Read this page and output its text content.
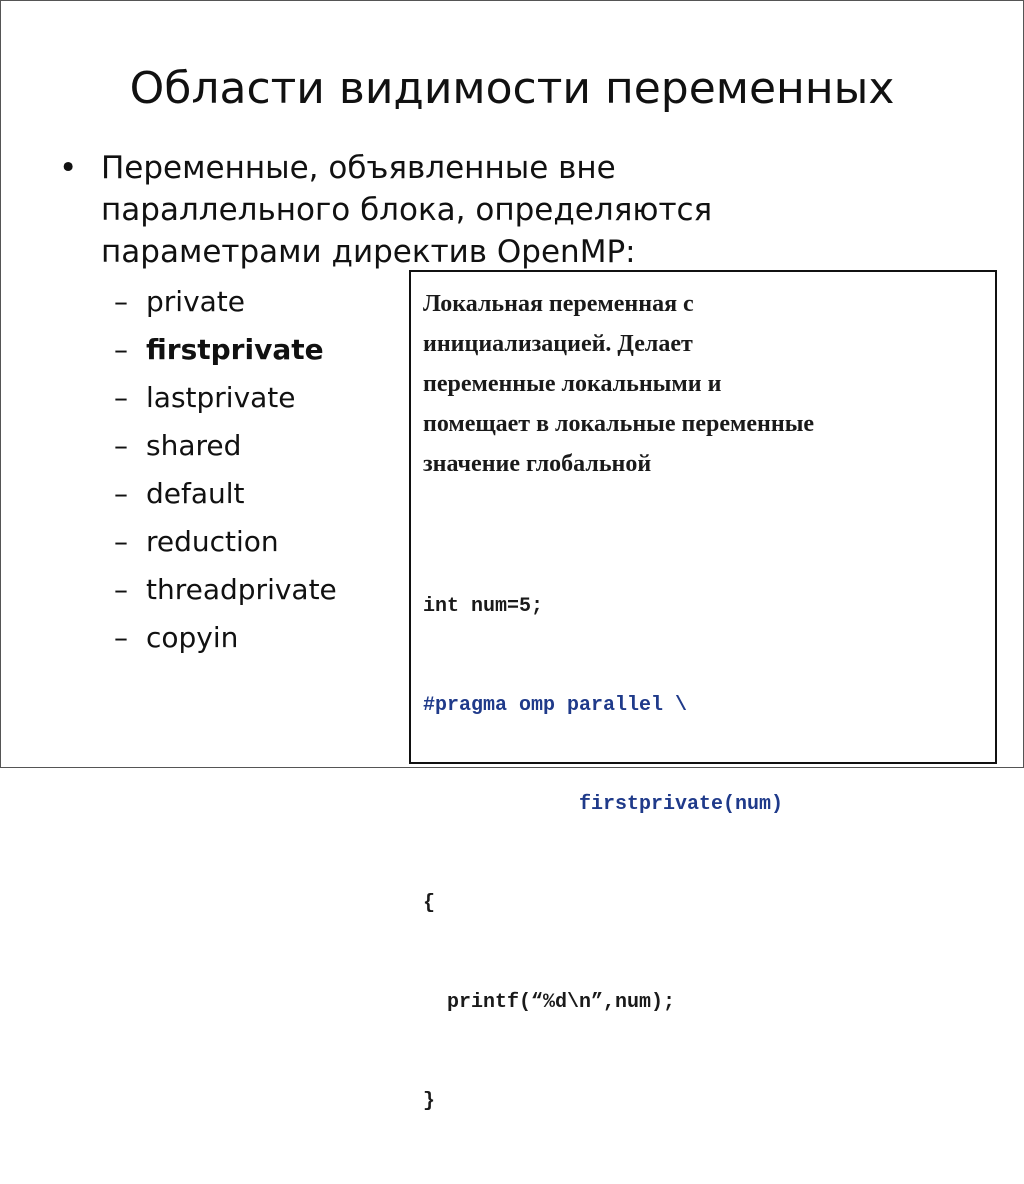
Области видимости переменных
• Переменные, объявленные вне
параллельного блока, определяются
параметрами директив OpenMP:
– private
– firstprivate
– lastprivate
– shared
– default
– reduction
– threadprivate
– copyin
Локальная переменная с
инициализацией. Делает
переменные локальными и
помещает в локальные переменные
значение глобальной

int num=5;

#pragma omp parallel \

firstprivate(num)

{

printf(“%d\n”,num);

}
